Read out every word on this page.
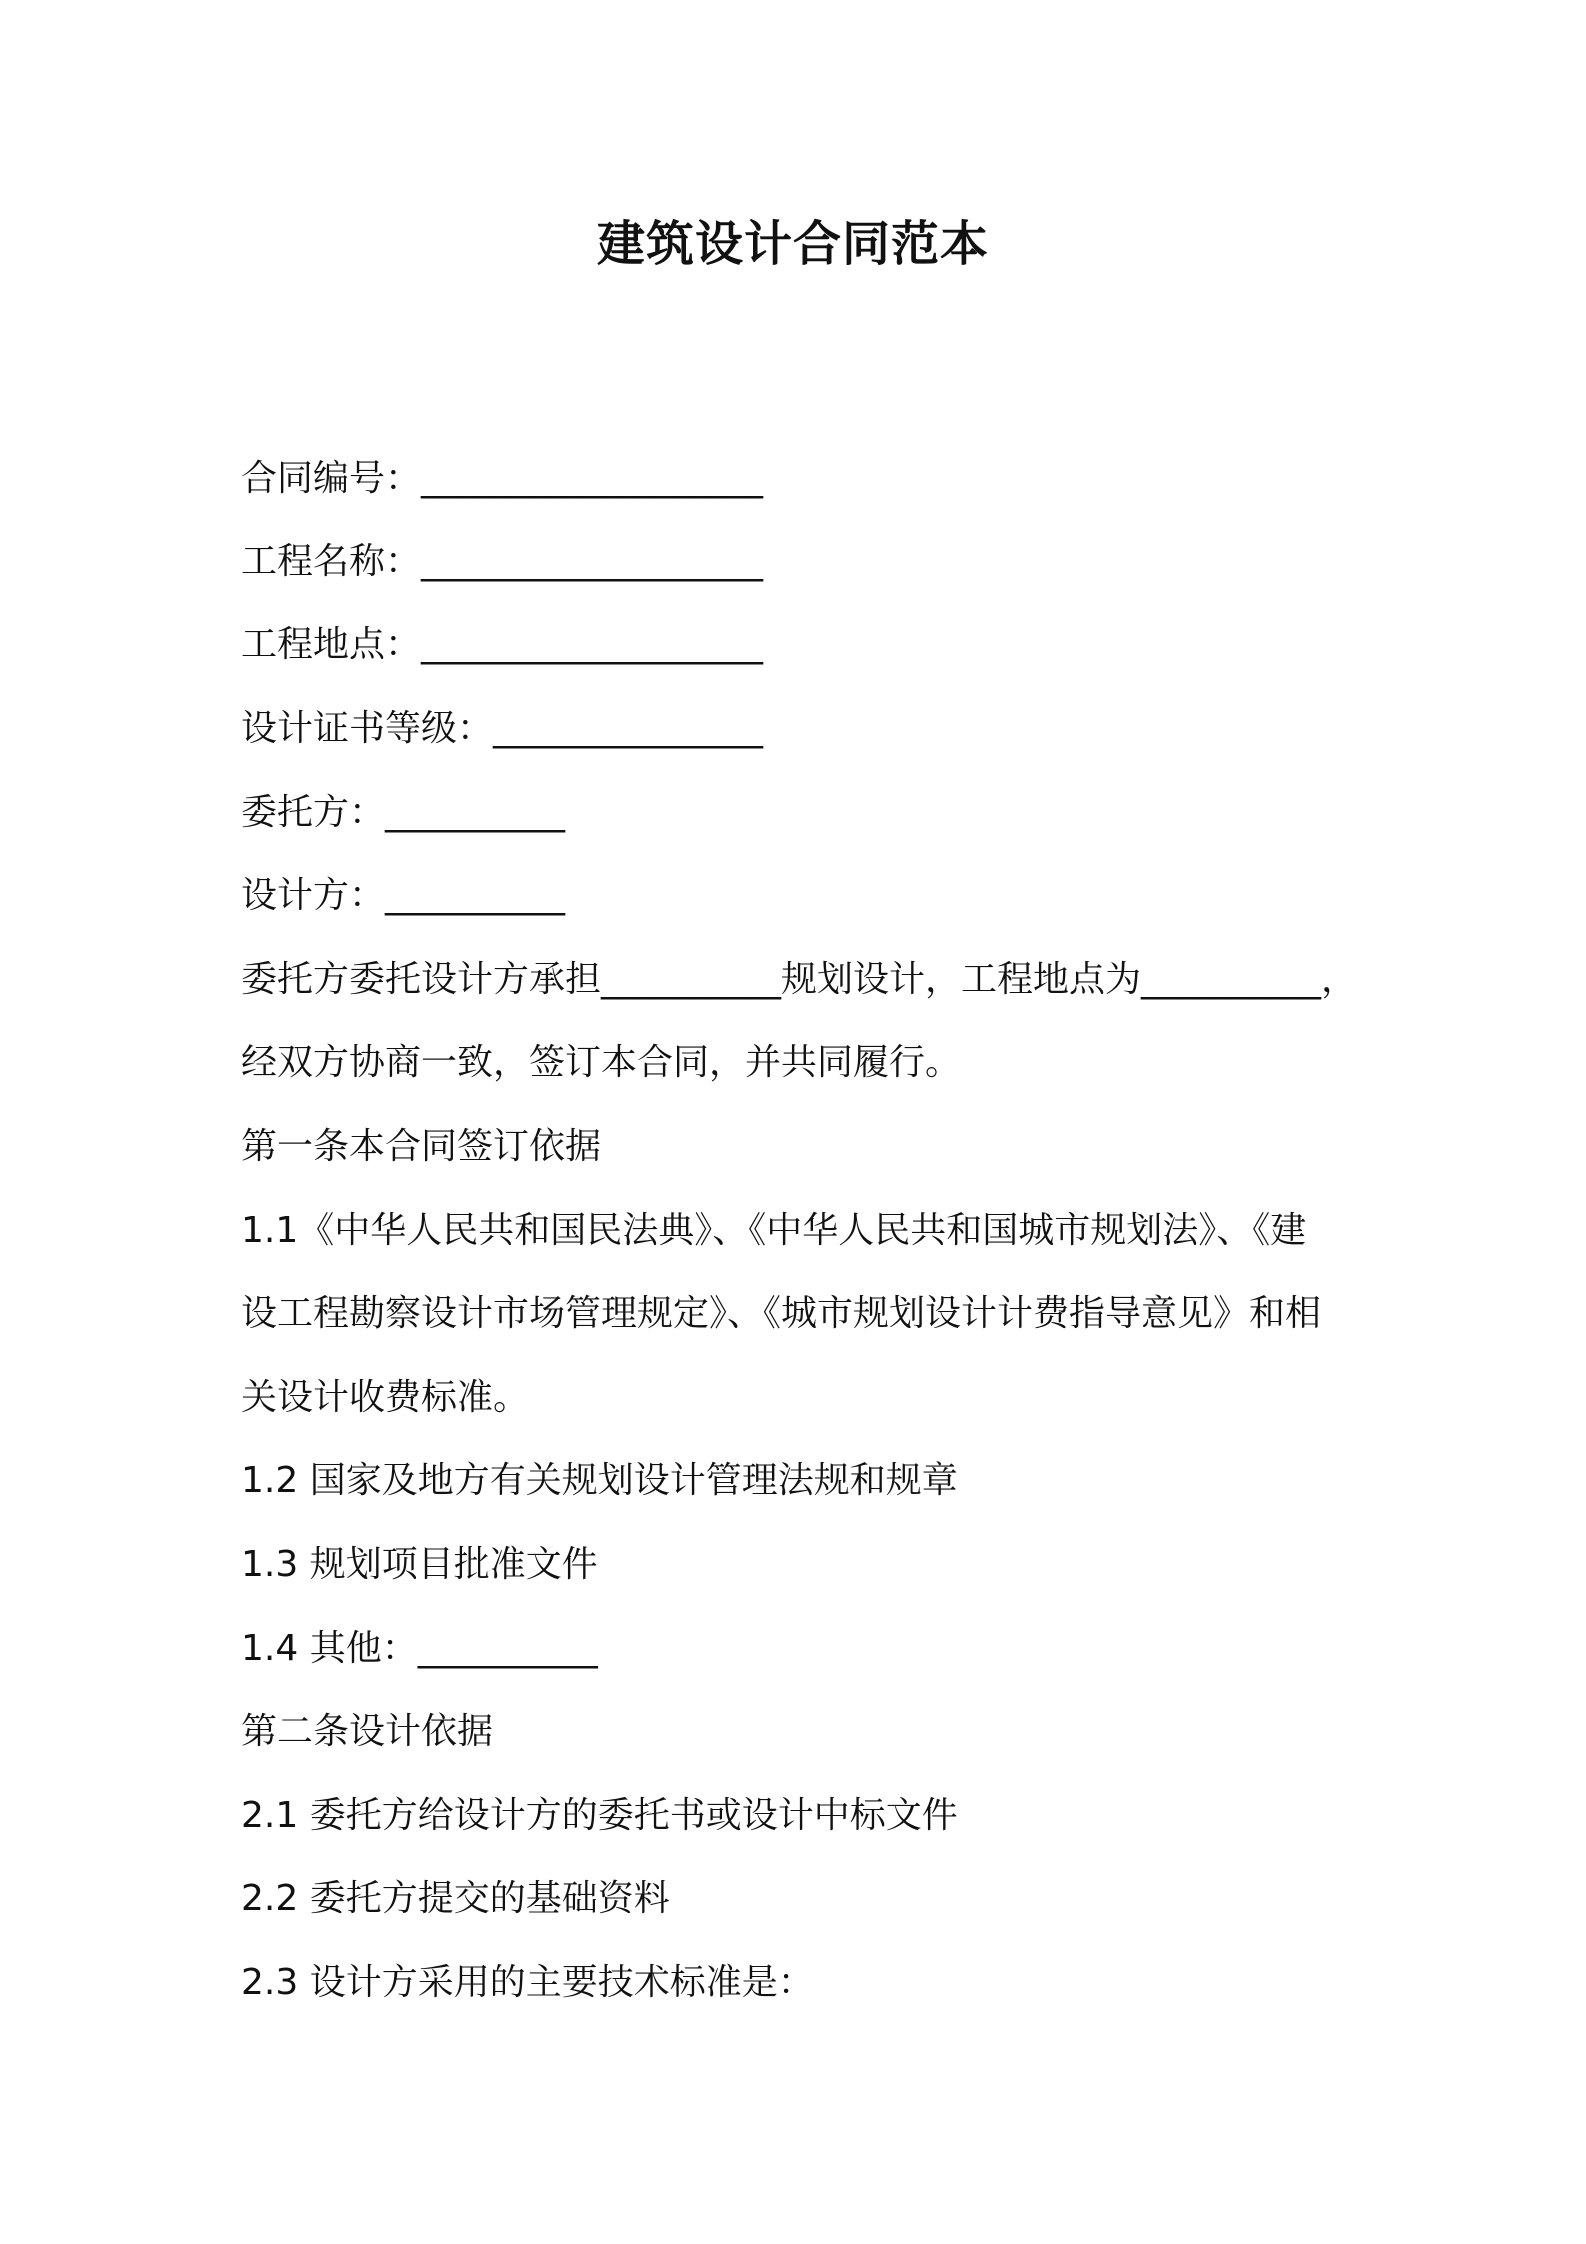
建筑设计合同范本
合同编号：___________________
工程名称：___________________
工程地点：___________________
设计证书等级：_______________
委托方：__________
设计方：__________
委托方委托设计方承担__________规划设计，工程地点为__________，
经双方协商一致，签订本合同，并共同履行。
第一条本合同签订依据
1.1《中华人民共和国民法典》、《中华人民共和国城市规划法》、《建
设工程勘察设计市场管理规定》、《城市规划设计计费指导意见》和相
关设计收费标准。
1.2 国家及地方有关规划设计管理法规和规章
1.3 规划项目批准文件
1.4 其他：__________
第二条设计依据
2.1 委托方给设计方的委托书或设计中标文件
2.2 委托方提交的基础资料
2.3 设计方采用的主要技术标准是：
